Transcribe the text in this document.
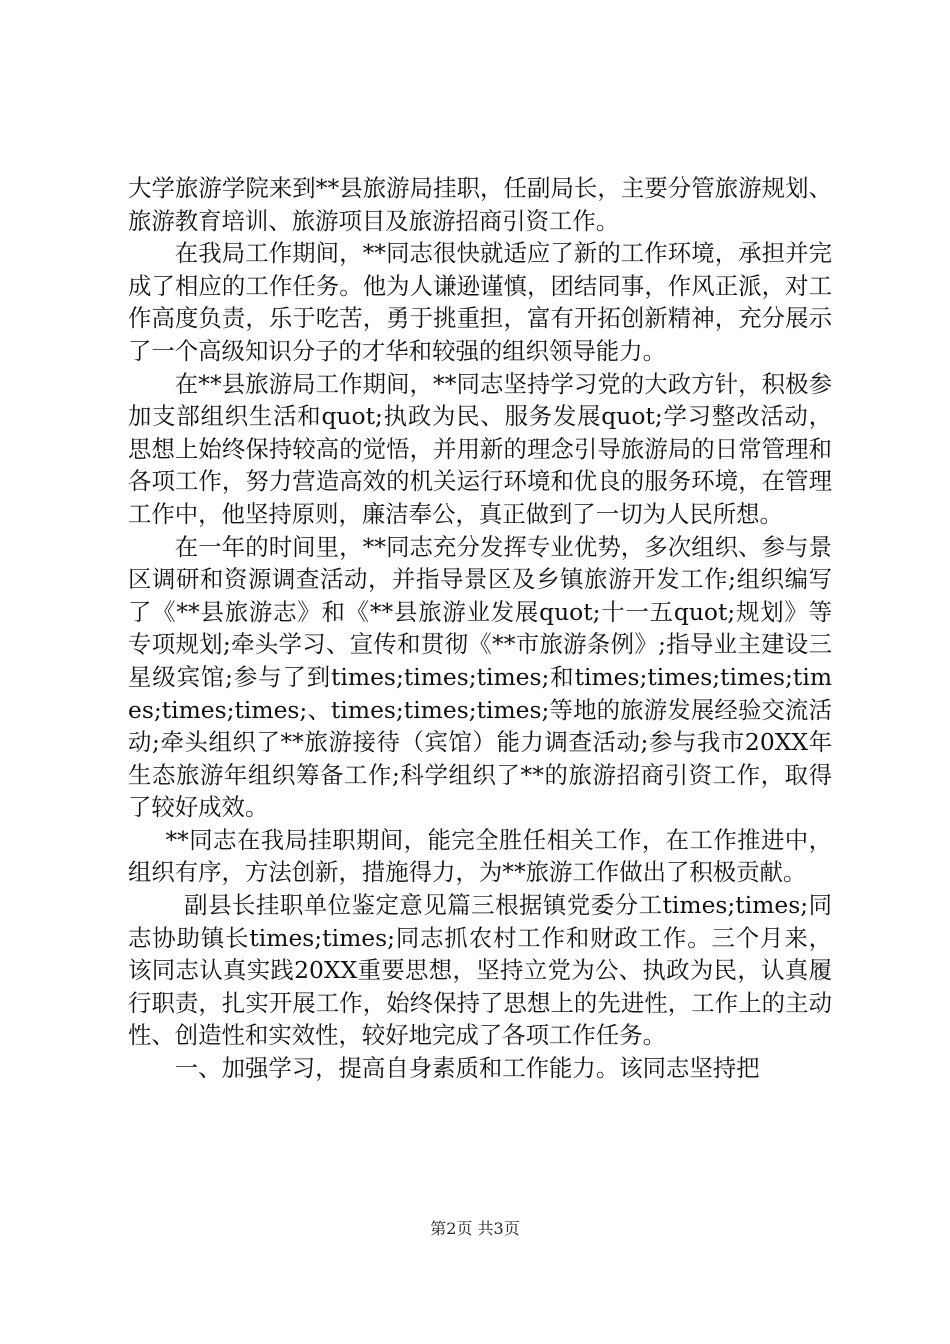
大学旅游学院来到**县旅游局挂职，任副局长，主要分管旅游规划、旅游教育培训、旅游项目及旅游招商引资工作。

在我局工作期间，**同志很快就适应了新的工作环境，承担并完成了相应的工作任务。他为人谦逊谨慎，团结同事，作风正派，对工作高度负责，乐于吃苦，勇于挑重担，富有开拓创新精神，充分展示了一个高级知识分子的才华和较强的组织领导能力。

在**县旅游局工作期间，**同志坚持学习党的大政方针，积极参加支部组织生活和quot;执政为民、服务发展quot;学习整改活动，思想上始终保持较高的觉悟，并用新的理念引导旅游局的日常管理和各项工作，努力营造高效的机关运行环境和优良的服务环境，在管理工作中，他坚持原则，廉洁奉公，真正做到了一切为人民所想。

在一年的时间里，**同志充分发挥专业优势，多次组织、参与景区调研和资源调查活动，并指导景区及乡镇旅游开发工作;组织编写了《**县旅游志》和《**县旅游业发展quot;十一五quot;规划》等专项规划;牵头学习、宣传和贯彻《**市旅游条例》;指导业主建设三星级宾馆;参与了到times;times;times;和times;times;times;times;times;times;、times;times;times;等地的旅游发展经验交流活动;牵头组织了**旅游接待（宾馆）能力调查活动;参与我市20XX年生态旅游年组织筹备工作;科学组织了**的旅游招商引资工作，取得了较好成效。

**同志在我局挂职期间，能完全胜任相关工作，在工作推进中，组织有序，方法创新，措施得力，为**旅游工作做出了积极贡献。

副县长挂职单位鉴定意见篇三根据镇党委分工times;times;同志协助镇长times;times;同志抓农村工作和财政工作。三个月来，该同志认真实践20XX重要思想，坚持立党为公、执政为民，认真履行职责，扎实开展工作，始终保持了思想上的先进性，工作上的主动性、创造性和实效性，较好地完成了各项工作任务。

一、加强学习，提高自身素质和工作能力。该同志坚持把

第2页 共3页
